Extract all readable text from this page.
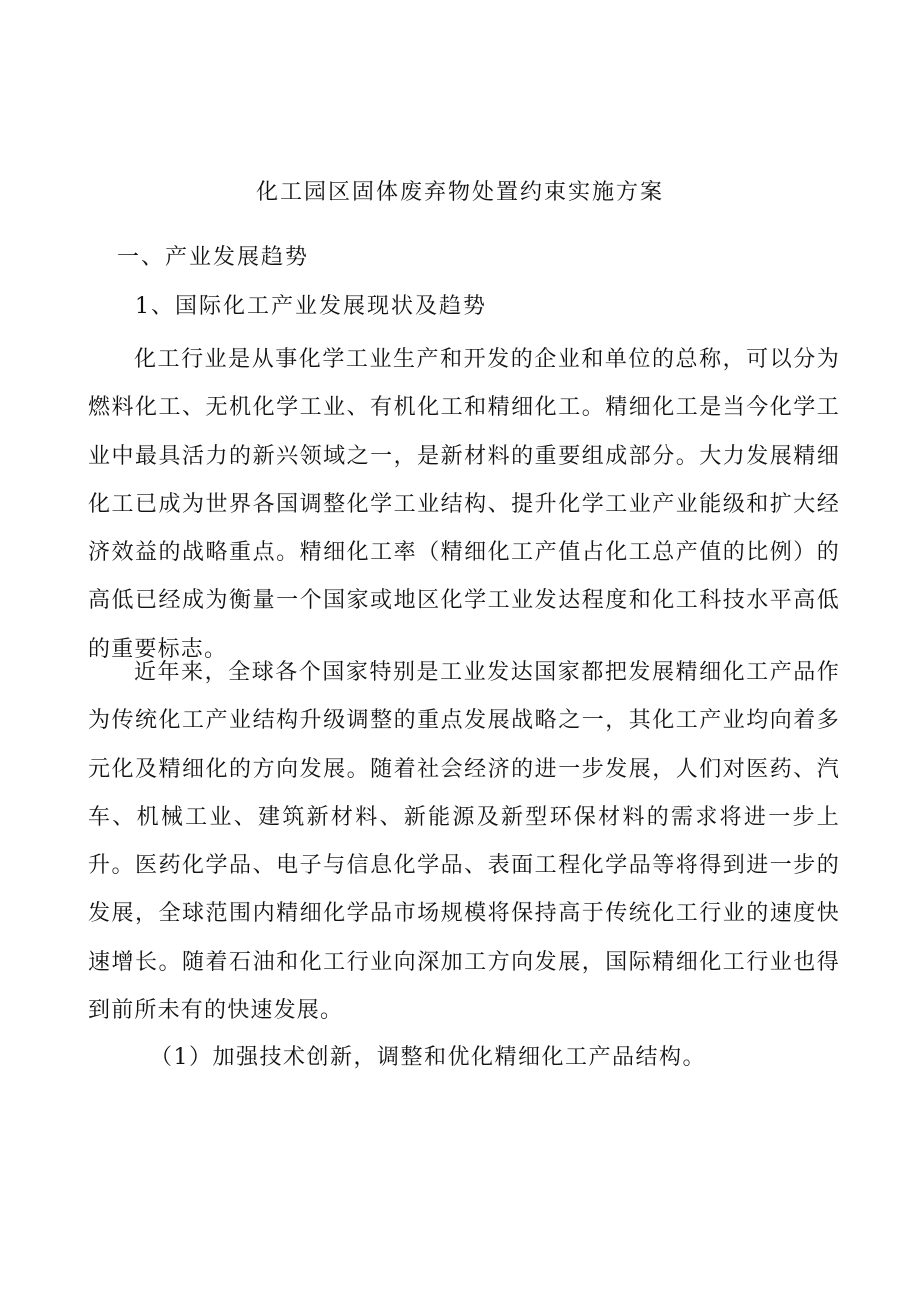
化工园区固体废弃物处置约束实施方案
一、产业发展趋势
1、国际化工产业发展现状及趋势

化工行业是从事化学工业生产和开发的企业和单位的总称，可以分为燃料化工、无机化学工业、有机化工和精细化工。精细化工是当今化学工业中最具活力的新兴领域之一，是新材料的重要组成部分。大力发展精细化工已成为世界各国调整化学工业结构、提升化学工业产业能级和扩大经济效益的战略重点。精细化工率（精细化工产值占化工总产值的比例）的高低已经成为衡量一个国家或地区化学工业发达程度和化工科技水平高低的重要标志。

近年来，全球各个国家特别是工业发达国家都把发展精细化工产品作为传统化工产业结构升级调整的重点发展战略之一，其化工产业均向着多元化及精细化的方向发展。随着社会经济的进一步发展，人们对医药、汽车、机械工业、建筑新材料、新能源及新型环保材料的需求将进一步上升。医药化学品、电子与信息化学品、表面工程化学品等将得到进一步的发展，全球范围内精细化学品市场规模将保持高于传统化工行业的速度快速增长。随着石油和化工行业向深加工方向发展，国际精细化工行业也得到前所未有的快速发展。

（1）加强技术创新，调整和优化精细化工产品结构。
